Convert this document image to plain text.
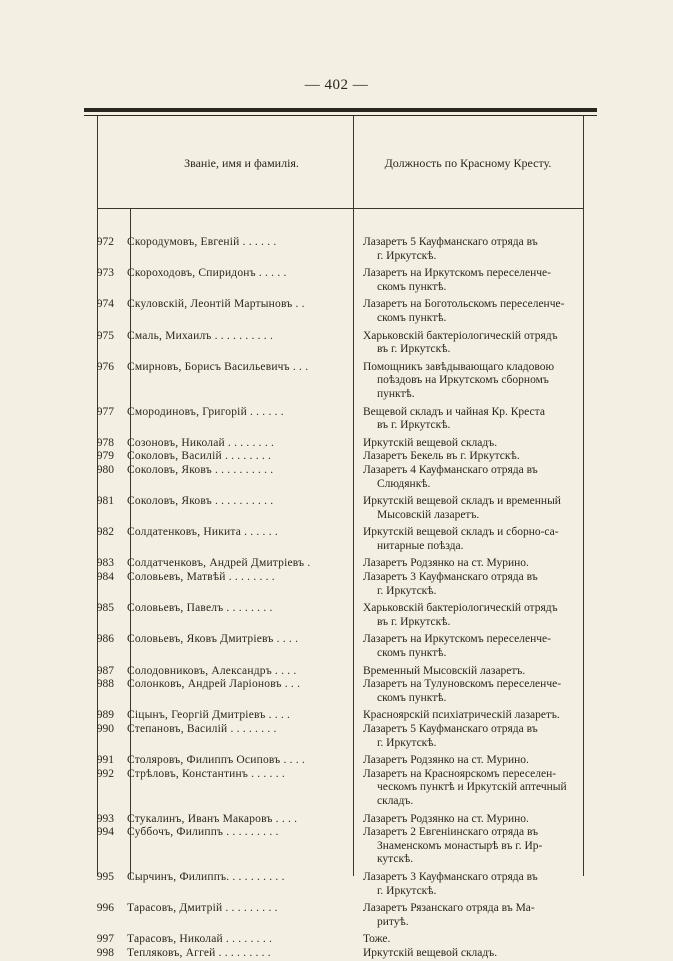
— 402 —
Званіе, имя и фамилія.	Должность по Красному Кресту.
972	Скородумовъ, Евгеній . . . . . .	Лазаретъ 5 Кауфманскаго отряда въ
г. Иркутскѣ.
973	Скороходовъ, Спиридонъ . . . . .	Лазаретъ на Иркутскомъ переселенче-
скомъ пунктѣ.
974	Скуловскій, Леонтій Мартыновъ . .	Лазаретъ на Боготольскомъ переселенче-
скомъ пунктѣ.
975	Смаль, Михаилъ . . . . . . . . . .	Харьковскій бактеріологическій отрядъ
въ г. Иркутскѣ.
976	Смирновъ, Борисъ Васильевичъ . . .	Помощникъ завѣдывающаго кладовою
поѣздовъ на Иркутскомъ сборномъ
пунктѣ.
977	Смородиновъ, Григорій . . . . . .	Вещевой складъ и чайная Кр. Креста
въ г. Иркутскѣ.
978	Созоновъ, Николай . . . . . . . .	Иркутскій вещевой складъ.
979	Соколовъ, Василій . . . . . . . .	Лазаретъ Бекель въ г. Иркутскѣ.
980	Соколовъ, Яковъ . . . . . . . . . .	Лазаретъ 4 Кауфманскаго отряда въ
Слюдянкѣ.
981	Соколовъ, Яковъ . . . . . . . . . .	Иркутскій вещевой складъ и временный
Мысовскій лазаретъ.
982	Солдатенковъ, Никита . . . . . .	Иркутскій вещевой складъ и сборно-са-
нитарные поѣзда.
983	Солдатченковъ, Андрей Дмитріевъ .	Лазаретъ Родзянко на ст. Мурино.
984	Соловьевъ, Матвѣй . . . . . . . .	Лазаретъ 3 Кауфманскаго отряда въ
г. Иркутскѣ.
985	Соловьевъ, Павелъ . . . . . . . .	Харьковскій бактеріологическій отрядъ
въ г. Иркутскѣ.
986	Соловьевъ, Яковъ Дмитріевъ . . . .	Лазаретъ на Иркутскомъ переселенче-
скомъ пунктѣ.
987	Солодовниковъ, Александръ . . . .	Временный Мысовскій лазаретъ.
988	Солонковъ, Андрей Ларіоновъ . . .	Лазаретъ на Тулуновскомъ переселенче-
скомъ пунктѣ.
989	Сіцынъ, Георгій Дмитріевъ . . . .	Красноярскій психіатрическій лазаретъ.
990	Степановъ, Василій . . . . . . . .	Лазаретъ 5 Кауфманскаго отряда въ
г. Иркутскѣ.
991	Столяровъ, Филиппъ Осиповъ . . . .	Лазаретъ Родзянко на ст. Мурино.
992	Стрѣловъ, Константинъ . . . . . .	Лазаретъ на Красноярскомъ переселен-
ческомъ пунктѣ и Иркутскій аптечный
складъ.
993	Стукалинъ, Иванъ Макаровъ . . . .	Лазаретъ Родзянко на ст. Мурино.
994	Суббочъ, Филиппъ . . . . . . . . .	Лазаретъ 2 Евгеніинскаго отряда въ
Знаменскомъ монастырѣ въ г. Ир-
кутскѣ.
995	Сырчинъ, Филиппъ. . . . . . . . . .	Лазаретъ 3 Кауфманскаго отряда въ
г. Иркутскѣ.
996	Тарасовъ, Дмитрій . . . . . . . . .	Лазаретъ Рязанскаго отряда въ Ма-
ритуѣ.
997	Тарасовъ, Николай . . . . . . . .	Тоже.
998	Тепляковъ, Аггей . . . . . . . . .	Иркутскій вещевой складъ.
